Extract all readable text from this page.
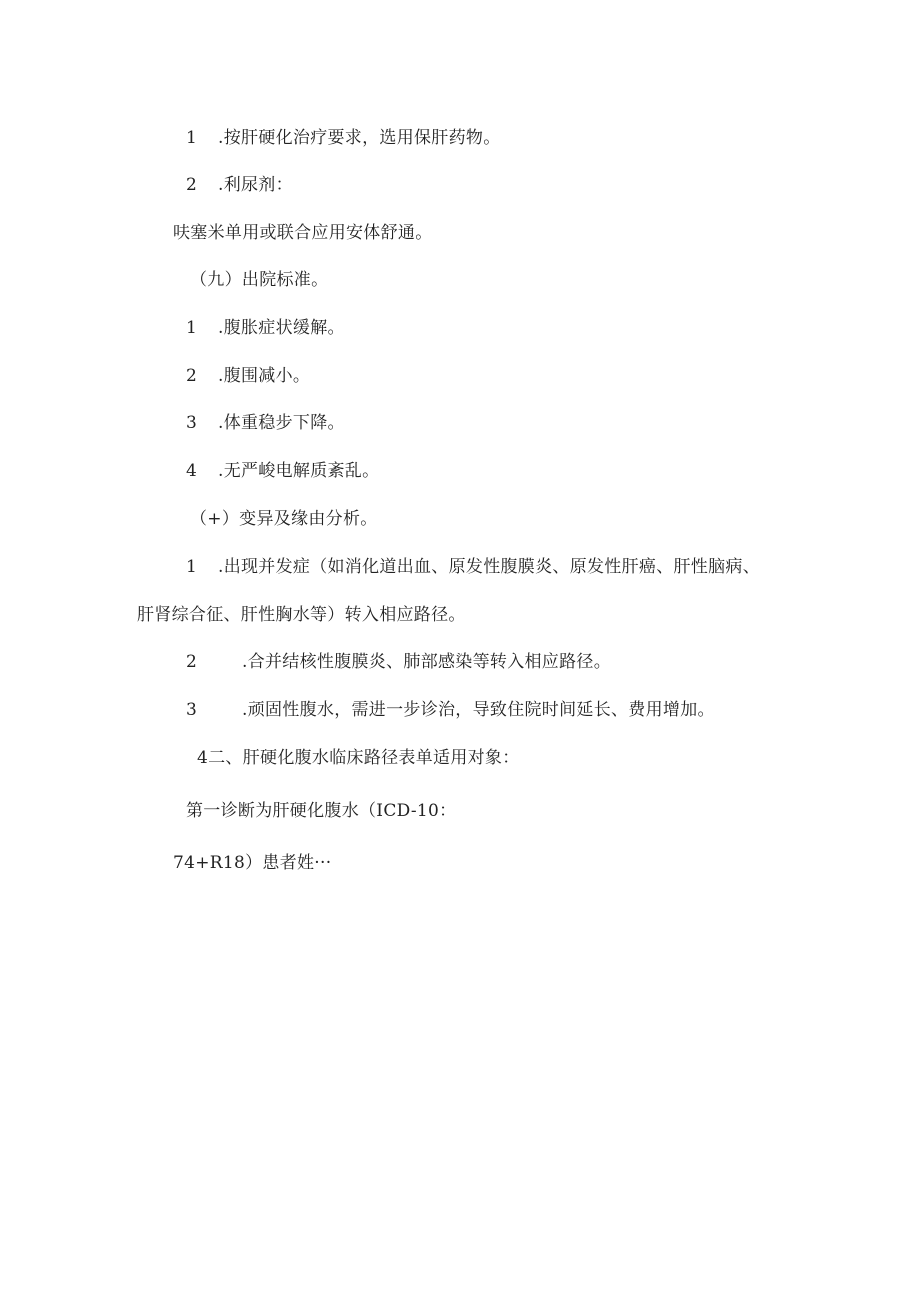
1 .按肝硬化治疗要求，选用保肝药物。
2 .利尿剂：
呋塞米单用或联合应用安体舒通。
（九）出院标准。
1 .腹胀症状缓解。
2 .腹围减小。
3 .体重稳步下降。
4 .无严峻电解质紊乱。
（+）变异及缘由分析。
1 .出现并发症（如消化道出血、原发性腹膜炎、原发性肝癌、肝性脑病、
肝肾综合征、肝性胸水等）转入相应路径。
2	.合并结核性腹膜炎、肺部感染等转入相应路径。
3	.顽固性腹水，需进一步诊治，导致住院时间延长、费用增加。
4二、肝硬化腹水临床路径表单适用对象：
第一诊断为肝硬化腹水（ICD-10：
74+R18）患者姓···
